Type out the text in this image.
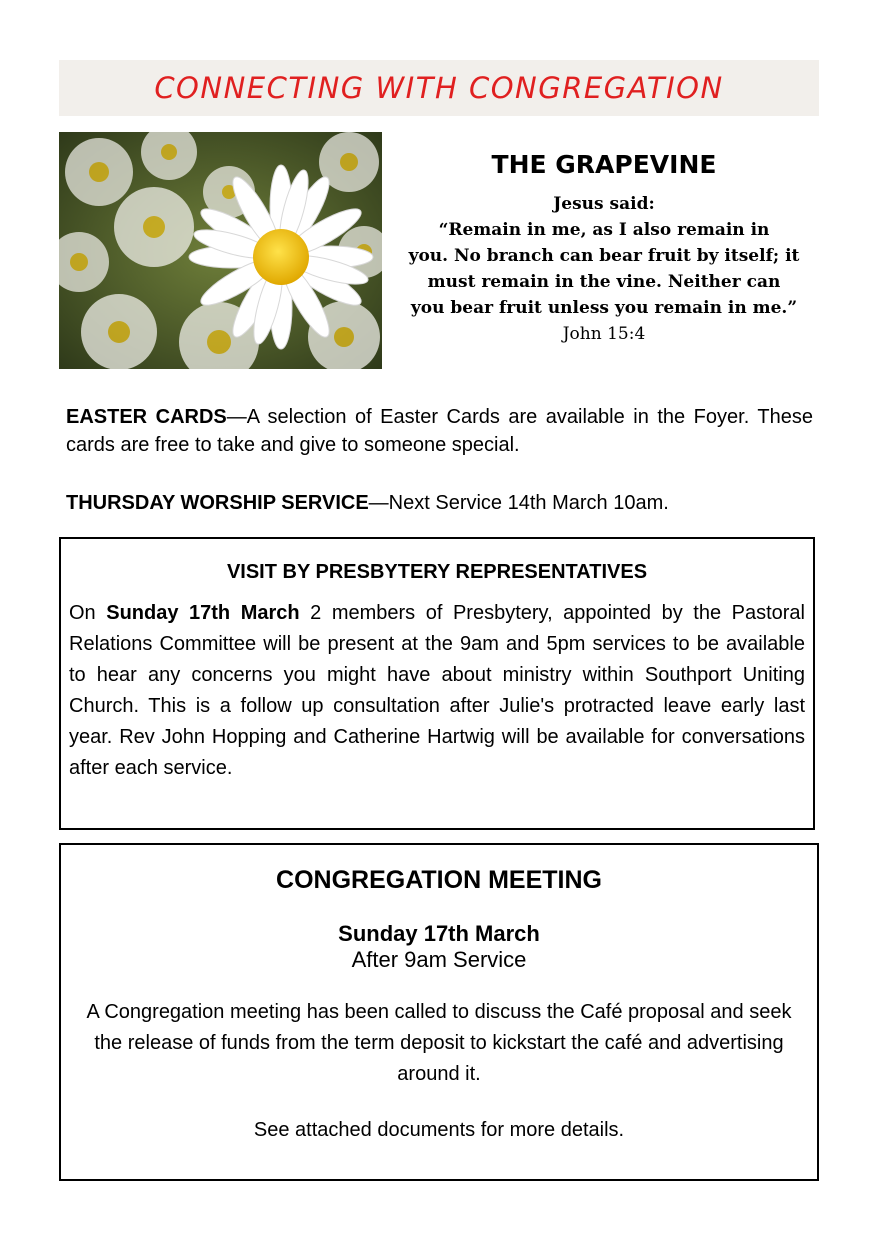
CONNECTING WITH CONGREGATION
THE GRAPEVINE
Jesus said:
“Remain in me, as I also remain in
you. No branch can bear fruit by itself; it
must remain in the vine. Neither can
you bear fruit unless you remain in me.”
John 15:4
EASTER CARDS—A selection of Easter Cards are available in the Foyer. These cards are free to take and give to someone special.
THURSDAY WORSHIP SERVICE—Next Service 14th March 10am.
VISIT BY PRESBYTERY REPRESENTATIVES
On Sunday 17th March 2 members of Presbytery, appointed by the Pastoral Relations Committee will be present at the 9am and 5pm services to be available to hear any concerns you might have about ministry within Southport Uniting Church. This is a follow up consultation after Julie's protracted leave early last year. Rev John Hopping and Catherine Hartwig will be available for conversations after each service.
CONGREGATION MEETING
Sunday 17th March
After 9am Service
A Congregation meeting has been called to discuss the Café proposal and seek the release of funds from the term deposit to kickstart the café and advertising around it.
See attached documents for more details.
